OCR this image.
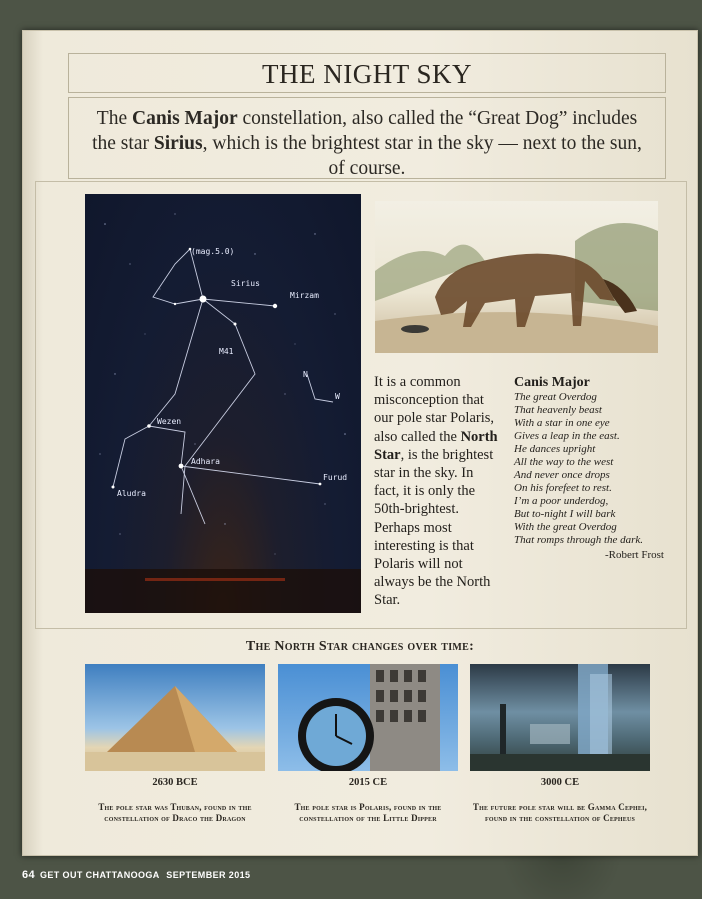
THE NIGHT SKY

The Canis Major constellation, also called the “Great Dog” includes the star Sirius, which is the brightest star in the sky — next to the sun, of course.

(mag.5.0)
Sirius
Mirzam
M41
Wezen
Adhara
Furud
Aludra
N
W

It is a common misconception that our pole star Polaris, also called the North Star, is the brightest star in the sky. In fact, it is only the 50th-brightest. Perhaps most interesting is that Polaris will not always be the North Star.

Canis Major
The great Overdog
That heavenly beast
With a star in one eye
Gives a leap in the east.
He dances upright
All the way to the west
And never once drops
On his forefeet to rest.
I’m a poor underdog,
But to-night I will bark
With the great Overdog
That romps through the dark.
-Robert Frost
The North Star changes over time:
2630 BCE
The pole star was Thuban, found in the constellation of Draco the Dragon
2015 CE
The pole star is Polaris, found in the constellation of the Little Dipper
3000 CE
The future pole star will be Gamma Cephei, found in the constellation of Cepheus
64 GET OUT CHATTANOOGA SEPTEMBER 2015
